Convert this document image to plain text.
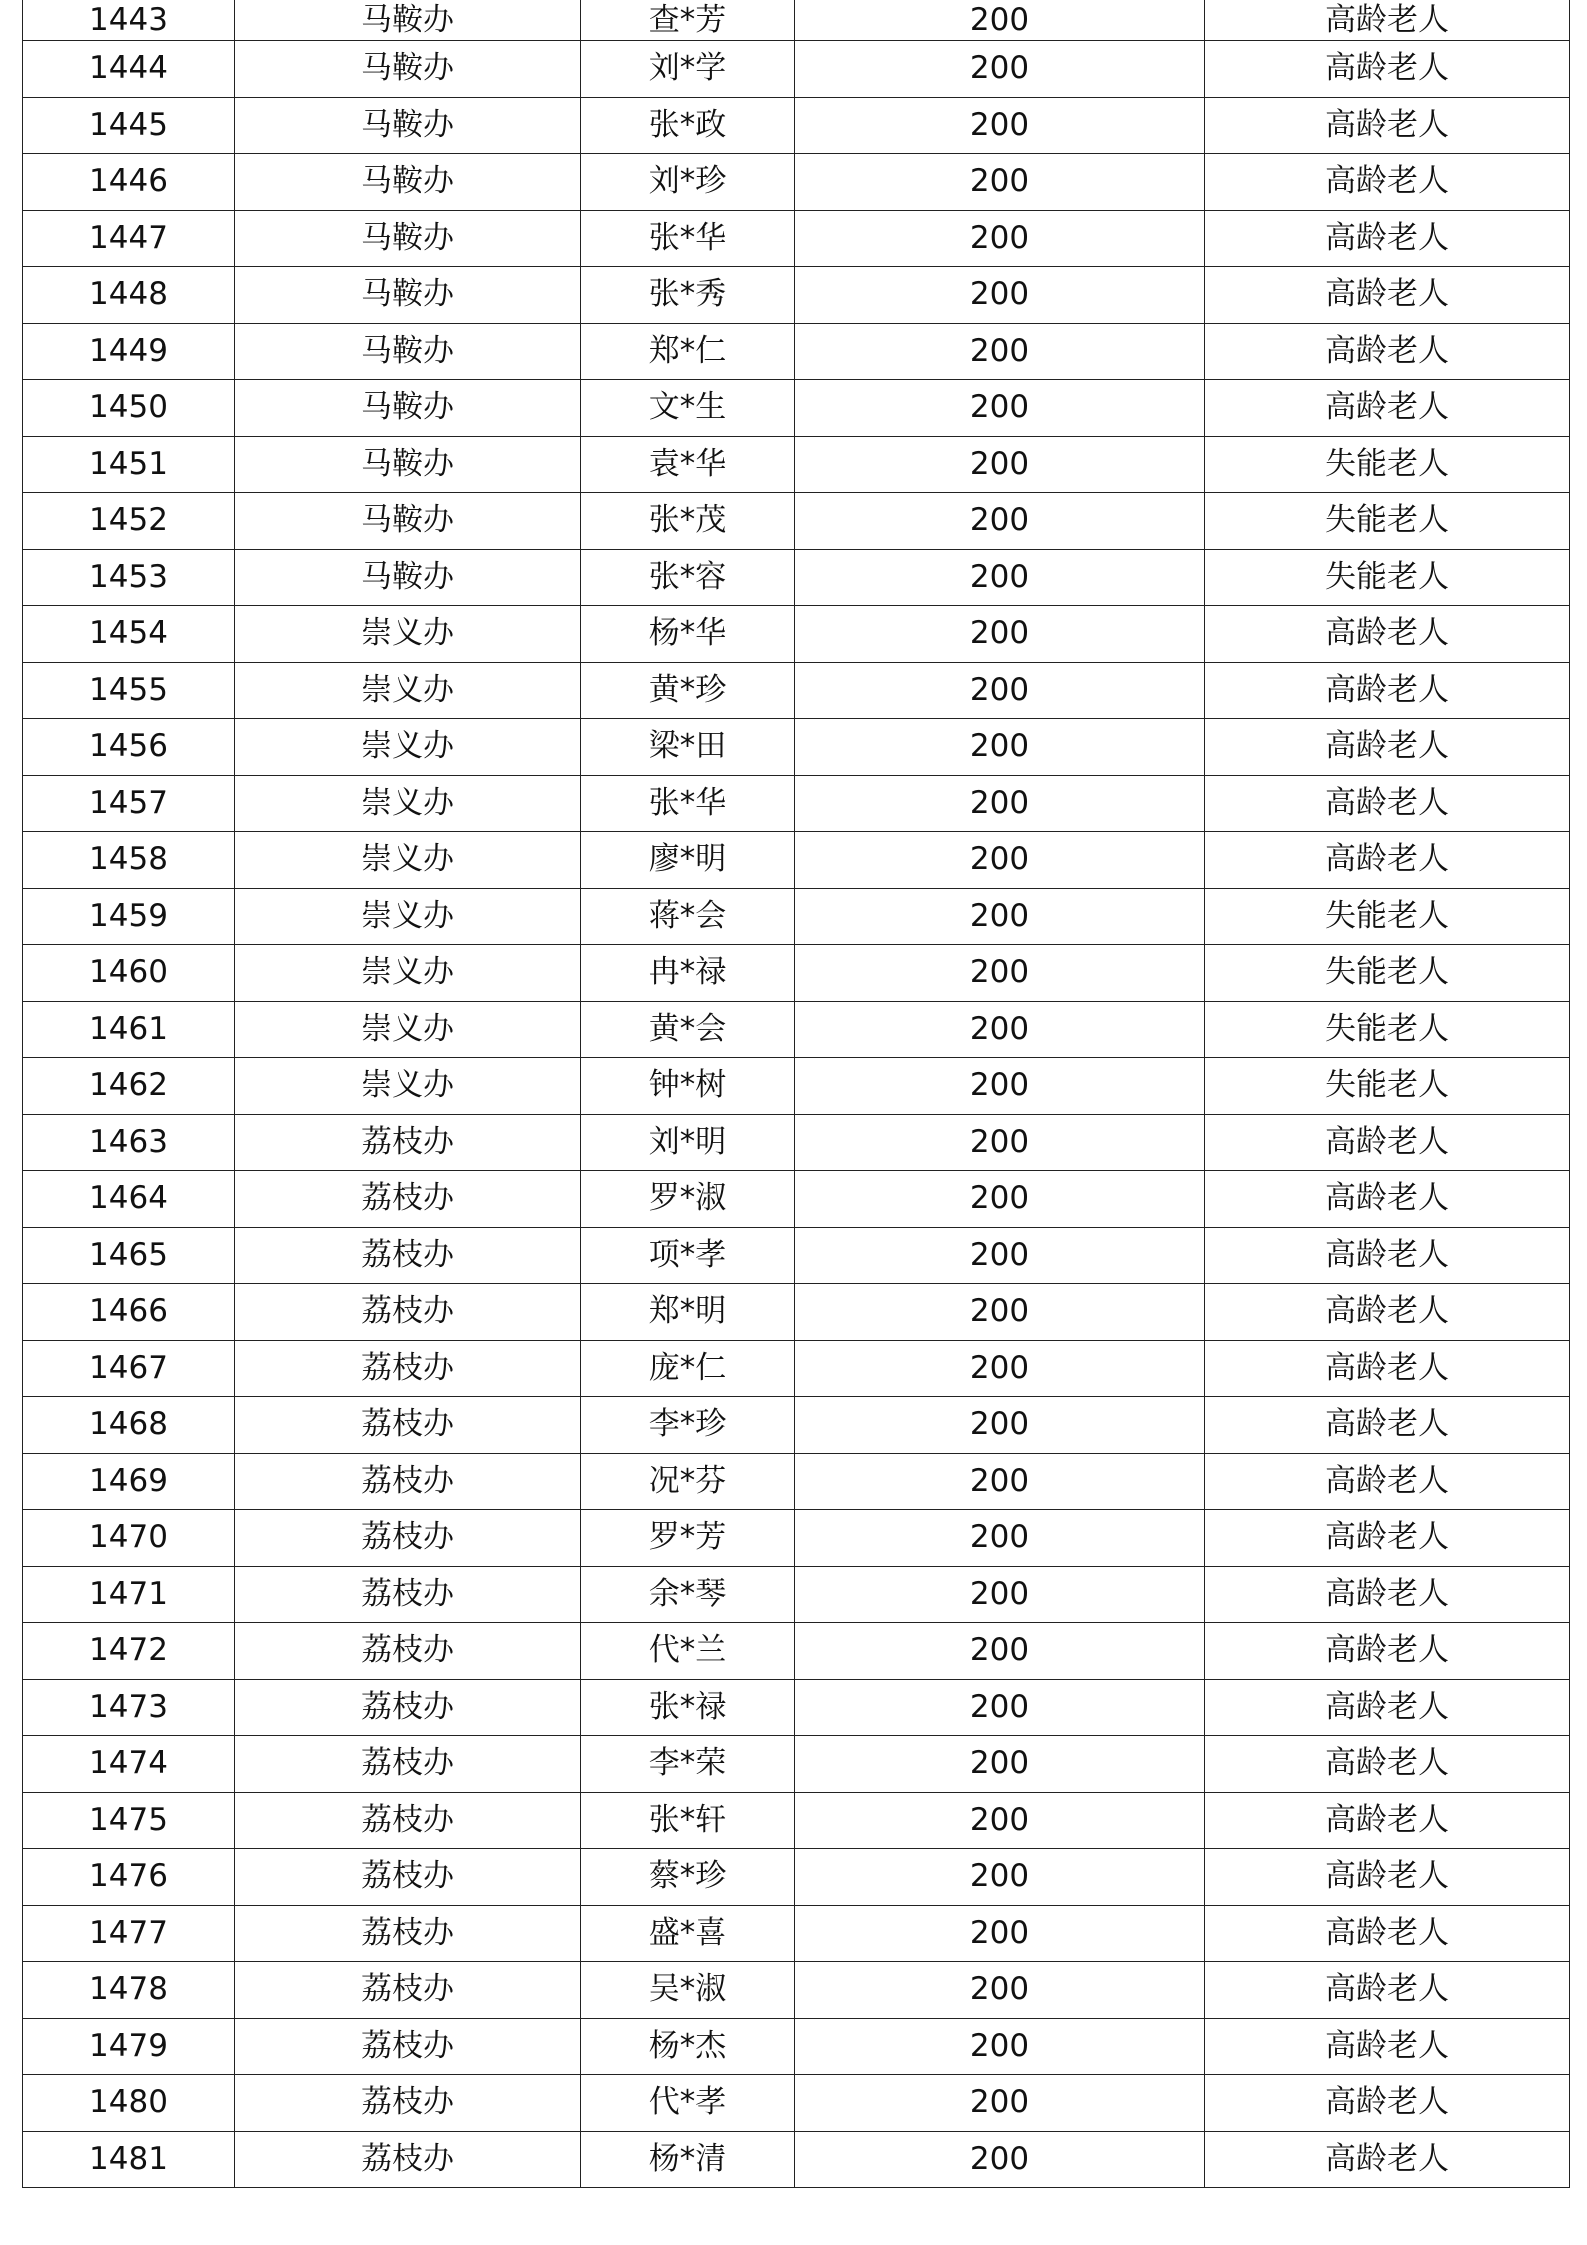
1443	马鞍办	查*芳	200	高龄老人
1444	马鞍办	刘*学	200	高龄老人
1445	马鞍办	张*政	200	高龄老人
1446	马鞍办	刘*珍	200	高龄老人
1447	马鞍办	张*华	200	高龄老人
1448	马鞍办	张*秀	200	高龄老人
1449	马鞍办	郑*仁	200	高龄老人
1450	马鞍办	文*生	200	高龄老人
1451	马鞍办	袁*华	200	失能老人
1452	马鞍办	张*茂	200	失能老人
1453	马鞍办	张*容	200	失能老人
1454	崇义办	杨*华	200	高龄老人
1455	崇义办	黄*珍	200	高龄老人
1456	崇义办	梁*田	200	高龄老人
1457	崇义办	张*华	200	高龄老人
1458	崇义办	廖*明	200	高龄老人
1459	崇义办	蒋*会	200	失能老人
1460	崇义办	冉*禄	200	失能老人
1461	崇义办	黄*会	200	失能老人
1462	崇义办	钟*树	200	失能老人
1463	荔枝办	刘*明	200	高龄老人
1464	荔枝办	罗*淑	200	高龄老人
1465	荔枝办	项*孝	200	高龄老人
1466	荔枝办	郑*明	200	高龄老人
1467	荔枝办	庞*仁	200	高龄老人
1468	荔枝办	李*珍	200	高龄老人
1469	荔枝办	况*芬	200	高龄老人
1470	荔枝办	罗*芳	200	高龄老人
1471	荔枝办	余*琴	200	高龄老人
1472	荔枝办	代*兰	200	高龄老人
1473	荔枝办	张*禄	200	高龄老人
1474	荔枝办	李*荣	200	高龄老人
1475	荔枝办	张*轩	200	高龄老人
1476	荔枝办	蔡*珍	200	高龄老人
1477	荔枝办	盛*喜	200	高龄老人
1478	荔枝办	吴*淑	200	高龄老人
1479	荔枝办	杨*杰	200	高龄老人
1480	荔枝办	代*孝	200	高龄老人
1481	荔枝办	杨*清	200	高龄老人
